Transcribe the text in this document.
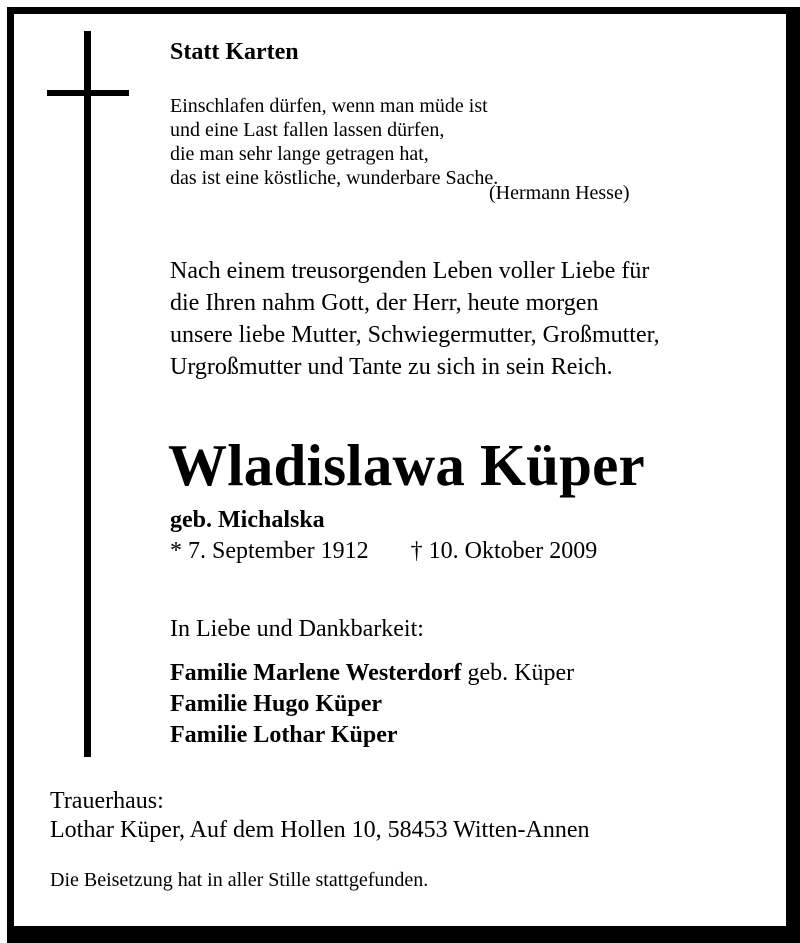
Statt Karten

Einschlafen dürfen, wenn man müde ist
und eine Last fallen lassen dürfen,
die man sehr lange getragen hat,
das ist eine köstliche, wunderbare Sache.

(Hermann Hesse)

Nach einem treusorgenden Leben voller Liebe für
die Ihren nahm Gott, der Herr, heute morgen
unsere liebe Mutter, Schwiegermutter, Großmutter,
Urgroßmutter und Tante zu sich in sein Reich.

Wladislawa Küper

geb. Michalska

* 7. September 1912 † 10. Oktober 2009

In Liebe und Dankbarkeit:

Familie Marlene Westerdorf geb. Küper
Familie Hugo Küper
Familie Lothar Küper

Trauerhaus:

Lothar Küper, Auf dem Hollen 10, 58453 Witten-Annen

Die Beisetzung hat in aller Stille stattgefunden.
